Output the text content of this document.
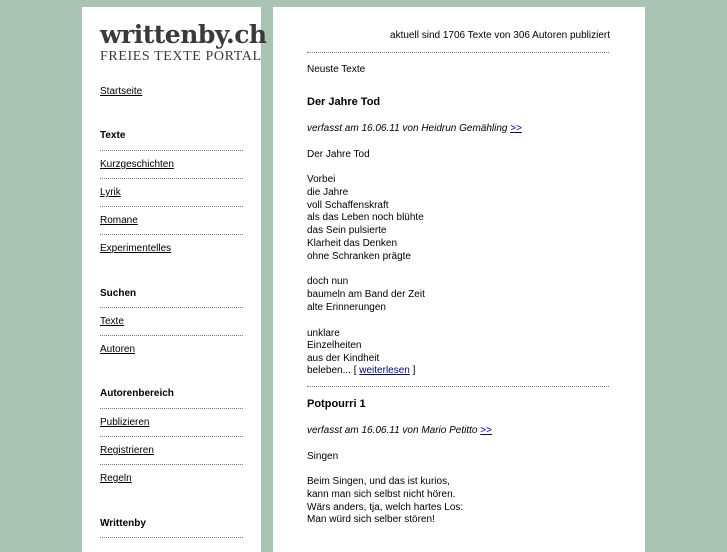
writtenby.ch
FREIES TEXTE PORTAL
Startseite
Texte
Kurzgeschichten
Lyrik
Romane
Experimentelles
Suchen
Texte
Autoren
Autorenbereich
Publizieren
Registrieren
Regeln
Writtenby
aktuell sind 1706 Texte von 306 Autoren publiziert
Neuste Texte
Der Jahre Tod
verfasst am 16.06.11 von Heidrun Gemähling >>
Der Jahre Tod
Vorbei
die Jahre
voll Schaffenskraft
als das Leben noch blühte
das Sein pulsierte
Klarheit das Denken
ohne Schranken prägte

doch nun
baumeln am Band der Zeit
alte Erinnerungen

unklare
Einzelheiten
aus der Kindheit
beleben... [ weiterlesen ]
Potpourri 1
verfasst am 16.06.11 von Mario Petitto >>
Singen
Beim Singen, und das ist kurios,
kann man sich selbst nicht hören.
Wärs anders, tja, welch hartes Los:
Man würd sich selber stören!
